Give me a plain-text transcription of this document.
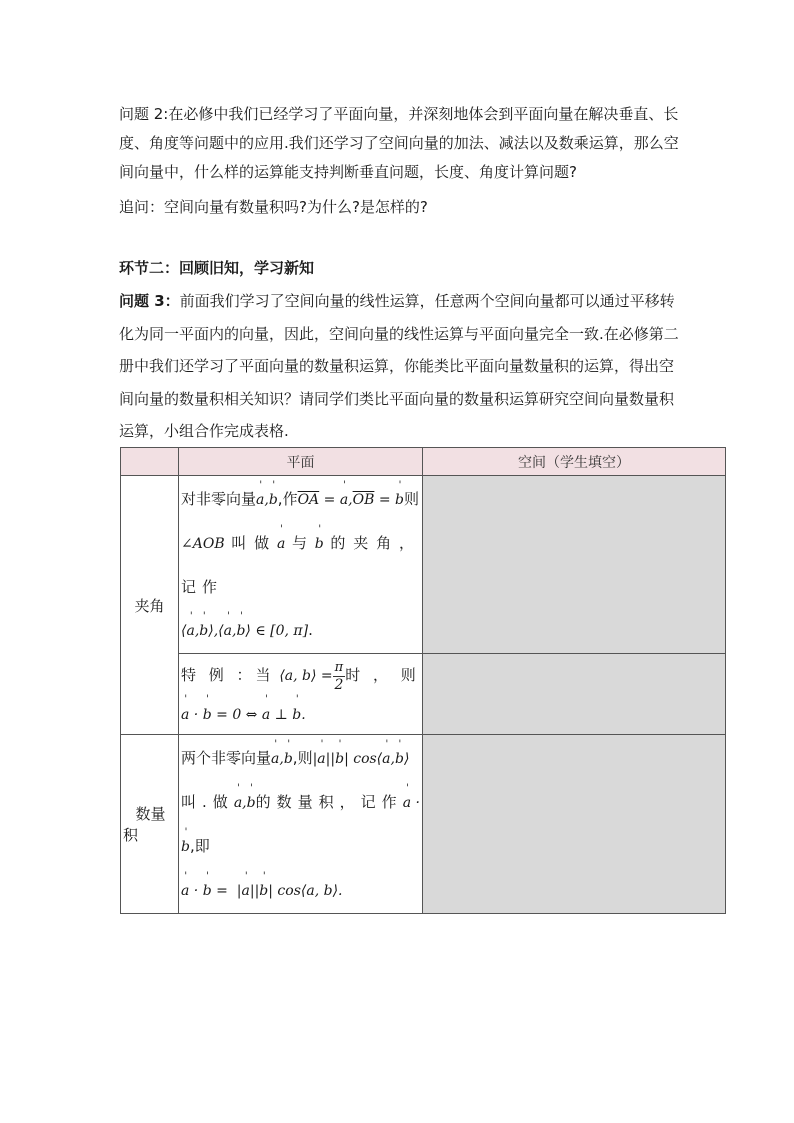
问题 2:在必修中我们已经学习了平面向量，并深刻地体会到平面向量在解决垂直、长度、角度等问题中的应用.我们还学习了空间向量的加法、减法以及数乘运算，那么空间向量中，什么样的运算能支持判断垂直问题，长度、角度计算问题?
追问：空间向量有数量积吗?为什么?是怎样的?
环节二：回顾旧知，学习新知
问题 3：前面我们学习了空间向量的线性运算，任意两个空间向量都可以通过平移转化为同一平面内的向量，因此，空间向量的线性运算与平面向量完全一致.在必修第二册中我们还学习了平面向量的数量积运算，你能类比平面向量数量积的运算，得出空间向量的数量积相关知识？请同学们类比平面向量的数量积运算研究空间向量数量积运算，小组合作完成表格.
	平面	空间（学生填空）
夹角	对非零向量' a,' b,作$\overline{OA}$ = ' $a,\overline{OB}$ = ' b则
∠AOB 叫做' a 与' b 的夹角，记作
⟨' a,' b⟩,⟨' a,' b⟩ ∈ [0, π].	
	特 例 ：当 ⟨a, b⟩ = $\frac{\pi}{2}$ 时 ， 则
' a · ' b = 0 ⇔ ' a ⊥ ' b.	

数量
积	两个非零向量' a,' b,则|' a||' b| cos⟨' a,' b⟩
叫.做' a,' b的数量积，记作' a · ' b,即
' a · ' b =  |' a||' b| cos⟨a, b⟩.	
